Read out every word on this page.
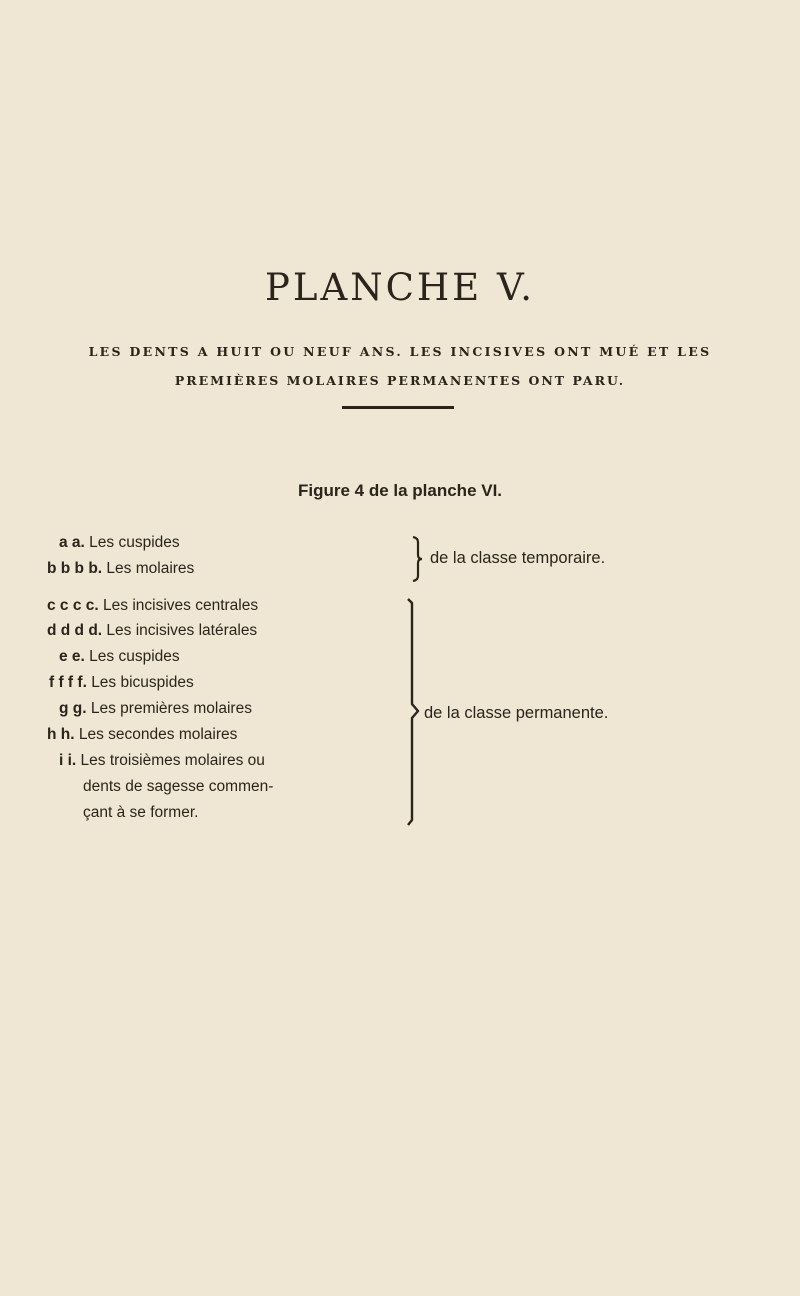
PLANCHE V.
LES DENTS A HUIT OU NEUF ANS. LES INCISIVES ONT MUÉ ET LES
PREMIÈRES MOLAIRES PERMANENTES ONT PARU.
Figure 4 de la planche VI.
a a. Les cuspides
b b b b. Les molaires
de la classe temporaire.
c c c c. Les incisives centrales
d d d d. Les incisives latérales
e e. Les cuspides
f f f f. Les bicuspides
g g. Les premières molaires
h h. Les secondes molaires
i i. Les troisièmes molaires ou
dents de sagesse commen-
çant à se former.
de la classe permanente.
